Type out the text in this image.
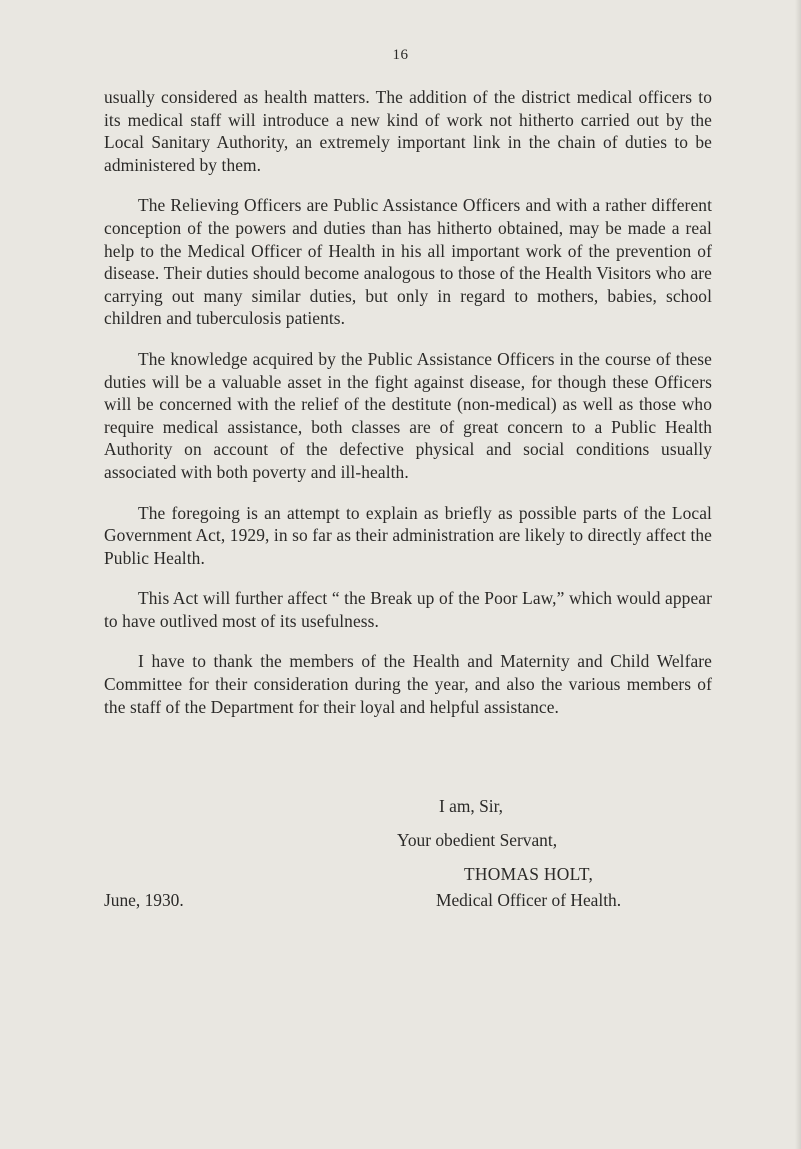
16

usually considered as health matters. The addition of the district medical officers to its medical staff will introduce a new kind of work not hitherto carried out by the Local Sanitary Authority, an extremely important link in the chain of duties to be administered by them.

The Relieving Officers are Public Assistance Officers and with a rather different conception of the powers and duties than has hitherto obtained, may be made a real help to the Medical Officer of Health in his all important work of the prevention of disease. Their duties should become analogous to those of the Health Visitors who are carrying out many similar duties, but only in regard to mothers, babies, school children and tuberculosis patients.

The knowledge acquired by the Public Assistance Officers in the course of these duties will be a valuable asset in the fight against disease, for though these Officers will be concerned with the relief of the destitute (non-medical) as well as those who require medical assistance, both classes are of great concern to a Public Health Authority on account of the defective physical and social conditions usually associated with both poverty and ill-health.

The foregoing is an attempt to explain as briefly as possible parts of the Local Government Act, 1929, in so far as their administration are likely to directly affect the Public Health.

This Act will further affect “ the Break up of the Poor Law,” which would appear to have outlived most of its usefulness.

I have to thank the members of the Health and Maternity and Child Welfare Committee for their consideration during the year, and also the various members of the staff of the Department for their loyal and helpful assistance.

I am, Sir,
Your obedient Servant,
THOMAS HOLT,
June, 1930.	Medical Officer of Health.
